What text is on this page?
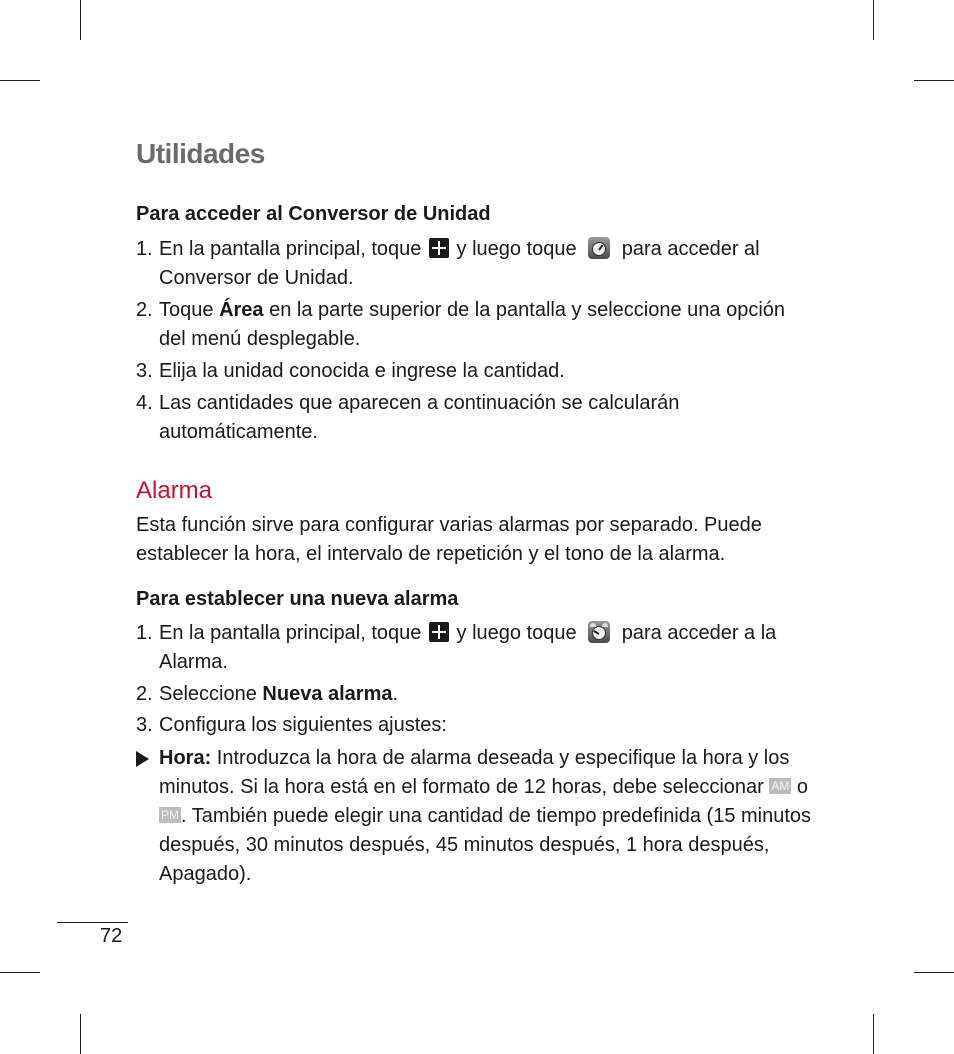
Utilidades
Para acceder al Conversor de Unidad
1. En la pantalla principal, toque y luego toque para acceder al Conversor de Unidad.
2. Toque Área en la parte superior de la pantalla y seleccione una opción del menú desplegable.
3. Elija la unidad conocida e ingrese la cantidad.
4. Las cantidades que aparecen a continuación se calcularán automáticamente.
Alarma

Esta función sirve para configurar varias alarmas por separado. Puede establecer la hora, el intervalo de repetición y el tono de la alarma.

Para establecer una nueva alarma
1. En la pantalla principal, toque y luego toque para acceder a la Alarma.
2. Seleccione Nueva alarma.
3. Configura los siguientes ajustes:
Hora: Introduzca la hora de alarma deseada y especifique la hora y los minutos. Si la hora está en el formato de 12 horas, debe seleccionar AM o PM . También puede elegir una cantidad de tiempo predefinida (15 minutos después, 30 minutos después, 45 minutos después, 1 hora después, Apagado).

72
